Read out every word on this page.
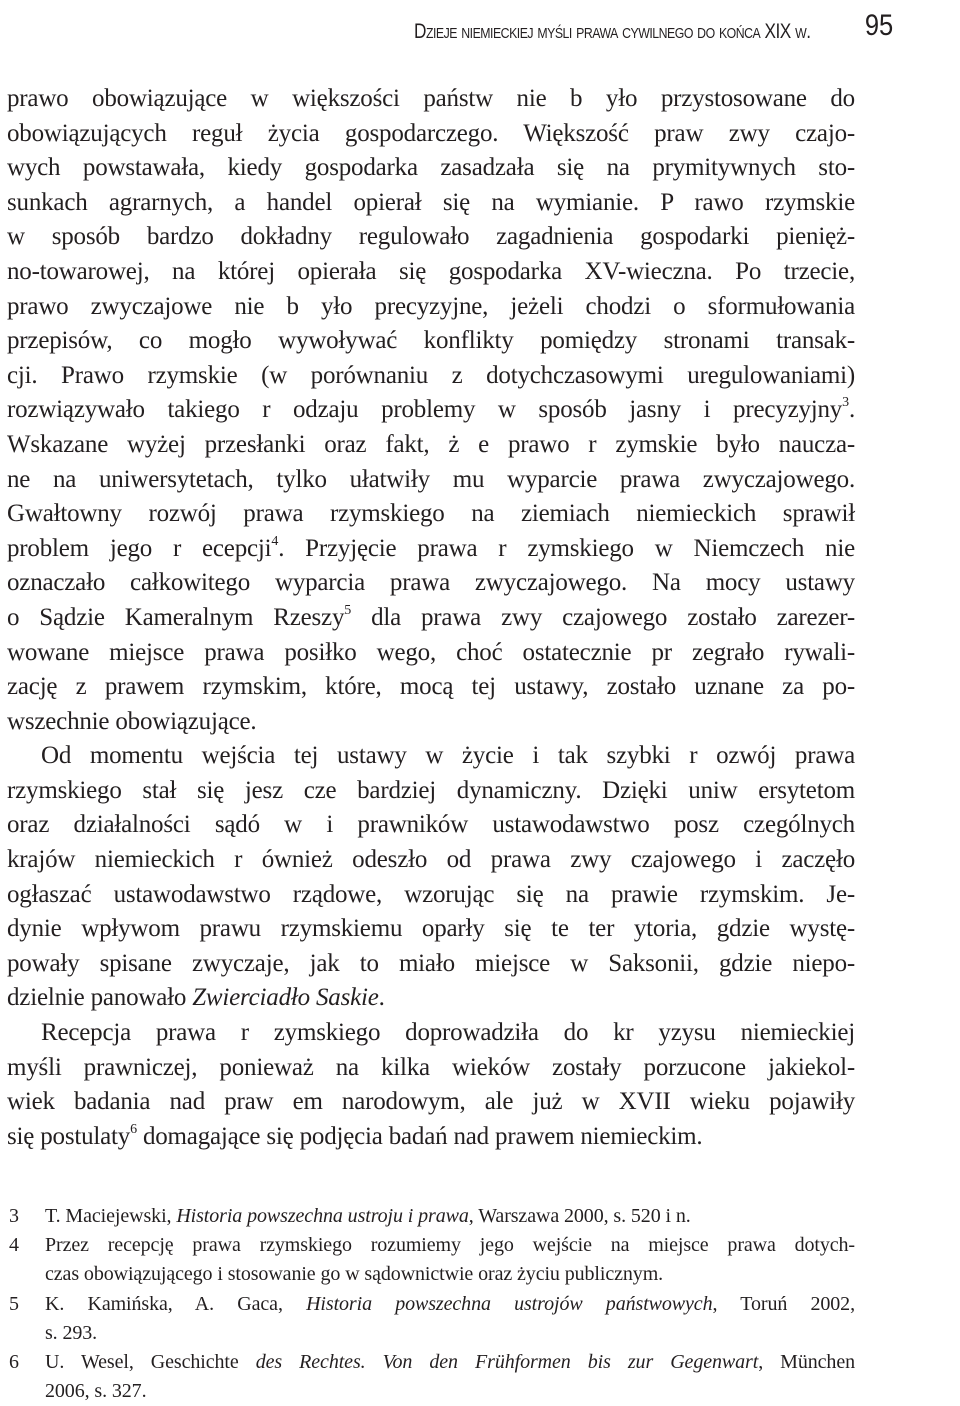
Dzieje niemieckiej myśli prawa cywilnego do końca XIX w.	95
prawo obowiązujące w większości państw nie b yło przystosowane do
obowiązujących reguł życia gospodarczego. Większość praw zwy czajo-
wych powstawała, kiedy gospodarka zasadzała się na prymitywnych sto-
sunkach agrarnych, a handel opierał się na wymianie. P rawo rzymskie
w sposób bardzo dokładny regulowało zagadnienia gospodarki pienięż-
no-towarowej, na której opierała się gospodarka XV-wieczna. Po trzecie,
prawo zwyczajowe nie b yło precyzyjne, jeżeli chodzi o sformułowania
przepisów, co mogło wywoływać konflikty pomiędzy stronami transak-
cji. Prawo rzymskie (w porównaniu z dotychczasowymi uregulowaniami)
rozwiązywało takiego r odzaju problemy w sposób jasny i precyzyjny$^3$.
Wskazane wyżej przesłanki oraz fakt, ż e prawo r zymskie było naucza-
ne na uniwersytetach, tylko ułatwiły mu wyparcie prawa zwyczajowego.
Gwałtowny rozwój prawa rzymskiego na ziemiach niemieckich sprawił
problem jego r ecepcji$^4$. Przyjęcie prawa r zymskiego w Niemczech nie
oznaczało całkowitego wyparcia prawa zwyczajowego. Na mocy ustawy
o Sądzie Kameralnym Rzeszy$^5$ dla prawa zwy czajowego zostało zarezer-
wowane miejsce prawa posiłko wego, choć ostatecznie pr zegrało rywali-
zację z prawem rzymskim, które, mocą tej ustawy, zostało uznane za po-
wszechnie obowiązujące.
Od momentu wejścia tej ustawy w życie i tak szybki r ozwój prawa
rzymskiego stał się jesz cze bardziej dynamiczny. Dzięki uniw ersytetom
oraz działalności sądó w i prawników ustawodawstwo posz czególnych
krajów niemieckich r ównież odeszło od prawa zwy czajowego i zaczęło
ogłaszać ustawodawstwo rządowe, wzorując się na prawie rzymskim. Je-
dynie wpływom prawu rzymskiemu oparły się te ter ytoria, gdzie wystę-
powały spisane zwyczaje, jak to miało miejsce w Saksonii, gdzie niepo-
dzielnie panowało Zwierciadło Saskie.
Recepcja prawa r zymskiego doprowadziła do kr yzysu niemieckiej
myśli prawniczej, ponieważ na kilka wieków zostały porzucone jakiekol-
wiek badania nad praw em narodowym, ale już w XVII wieku pojawiły
się postulaty$^6$ domagające się podjęcia badań nad prawem niemieckim.
3	T. Maciejewski, Historia powszechna ustroju i prawa, Warszawa 2000, s. 520 i n.
4	Przez recepcję prawa rzymskiego rozumiemy jego wejście na miejsce prawa dotych-
czas obowiązującego i stosowanie go w sądownictwie oraz życiu publicznym.
5	K. Kamińska, A. Gaca, Historia powszechna ustrojów państwowych, Toruń 2002,
s. 293.
6	U. Wesel, Geschichte des Rechtes. Von den Frühformen bis zur Gegenwart, München
2006, s. 327.
